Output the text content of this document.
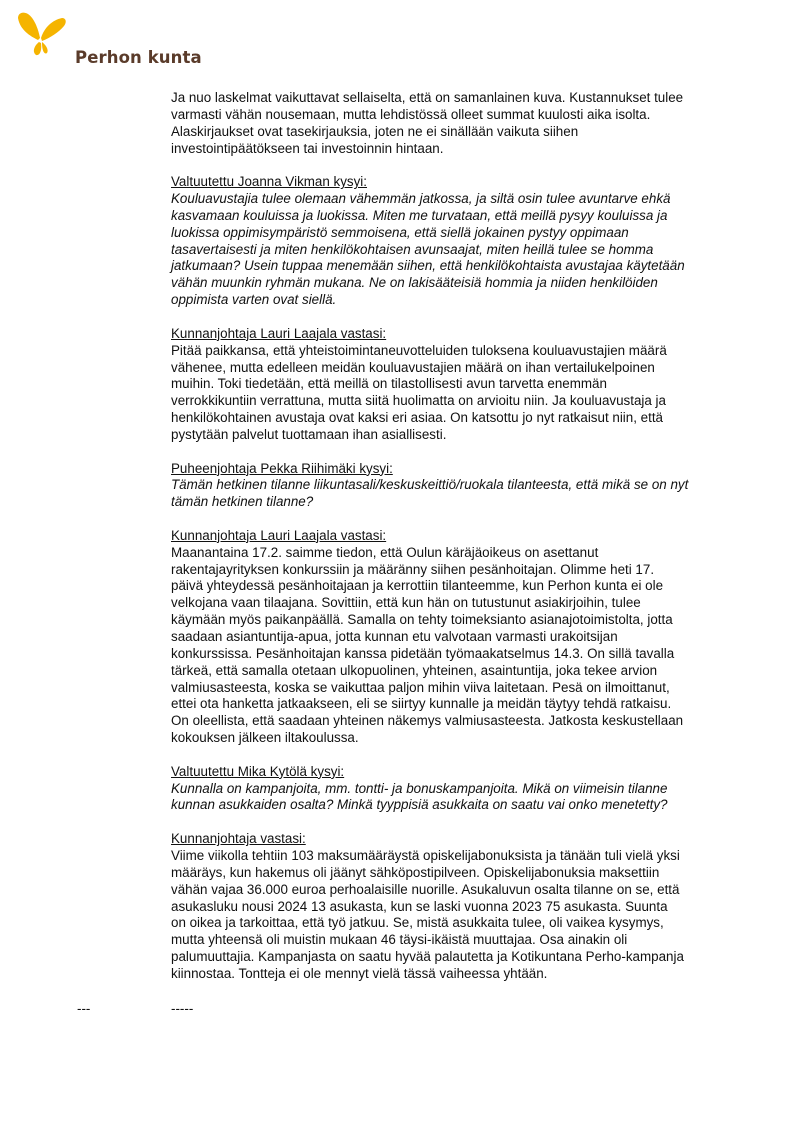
Perhon kunta

Ja nuo laskelmat vaikuttavat sellaiselta, että on samanlainen kuva. Kustannukset tulee
varmasti vähän nousemaan, mutta lehdistössä olleet summat kuulosti aika isolta.
Alaskirjaukset ovat tasekirjauksia, joten ne ei sinällään vaikuta siihen
investointipäätökseen tai investoinnin hintaan.

Valtuutettu Joanna Vikman kysyi:

Kouluavustajia tulee olemaan vähemmän jatkossa, ja siltä osin tulee avuntarve ehkä
kasvamaan kouluissa ja luokissa. Miten me turvataan, että meillä pysyy kouluissa ja
luokissa oppimisympäristö semmoisena, että siellä jokainen pystyy oppimaan
tasavertaisesti ja miten henkilökohtaisen avunsaajat, miten heillä tulee se homma
jatkumaan? Usein tuppaa menemään siihen, että henkilökohtaista avustajaa käytetään
vähän muunkin ryhmän mukana. Ne on lakisääteisiä hommia ja niiden henkilöiden
oppimista varten ovat siellä.

Kunnanjohtaja Lauri Laajala vastasi:

Pitää paikkansa, että yhteistoimintaneuvotteluiden tuloksena kouluavustajien määrä
vähenee, mutta edelleen meidän kouluavustajien määrä on ihan vertailukelpoinen
muihin. Toki tiedetään, että meillä on tilastollisesti avun tarvetta enemmän
verrokkikuntiin verrattuna, mutta siitä huolimatta on arvioitu niin. Ja kouluavustaja ja
henkilökohtainen avustaja ovat kaksi eri asiaa. On katsottu jo nyt ratkaisut niin, että
pystytään palvelut tuottamaan ihan asiallisesti.

Puheenjohtaja Pekka Riihimäki kysyi:

Tämän hetkinen tilanne liikuntasali/keskuskeittiö/ruokala tilanteesta, että mikä se on nyt
tämän hetkinen tilanne?

Kunnanjohtaja Lauri Laajala vastasi:

Maanantaina 17.2. saimme tiedon, että Oulun käräjäoikeus on asettanut
rakentajayrityksen konkurssiin ja määränny siihen pesänhoitajan. Olimme heti 17.
päivä yhteydessä pesänhoitajaan ja kerrottiin tilanteemme, kun Perhon kunta ei ole
velkojana vaan tilaajana. Sovittiin, että kun hän on tutustunut asiakirjoihin, tulee
käymään myös paikanpäällä. Samalla on tehty toimeksianto asianajotoimistolta, jotta
saadaan asiantuntija-apua, jotta kunnan etu valvotaan varmasti urakoitsijan
konkurssissa. Pesänhoitajan kanssa pidetään työmaakatselmus 14.3. On sillä tavalla
tärkeä, että samalla otetaan ulkopuolinen, yhteinen, asaintuntija, joka tekee arvion
valmiusasteesta, koska se vaikuttaa paljon mihin viiva laitetaan. Pesä on ilmoittanut,
ettei ota hanketta jatkaakseen, eli se siirtyy kunnalle ja meidän täytyy tehdä ratkaisu.
On oleellista, että saadaan yhteinen näkemys valmiusasteesta. Jatkosta keskustellaan
kokouksen jälkeen iltakoulussa.

Valtuutettu Mika Kytölä kysyi:

Kunnalla on kampanjoita, mm. tontti- ja bonuskampanjoita. Mikä on viimeisin tilanne
kunnan asukkaiden osalta? Minkä tyyppisiä asukkaita on saatu vai onko menetetty?

Kunnanjohtaja vastasi:

Viime viikolla tehtiin 103 maksumääräystä opiskelijabonuksista ja tänään tuli vielä yksi
määräys, kun hakemus oli jäänyt sähköpostipilveen. Opiskelijabonuksia maksettiin
vähän vajaa 36.000 euroa perhoalaisille nuorille. Asukaluvun osalta tilanne on se, että
asukasluku nousi 2024 13 asukasta, kun se laski vuonna 2023 75 asukasta. Suunta
on oikea ja tarkoittaa, että työ jatkuu. Se, mistä asukkaita tulee, oli vaikea kysymys,
mutta yhteensä oli muistin mukaan 46 täysi-ikäistä muuttajaa. Osa ainakin oli
palumuuttajia. Kampanjasta on saatu hyvää palautetta ja Kotikuntana Perho-kampanja
kiinnostaa. Tontteja ei ole mennyt vielä tässä vaiheessa yhtään.

---	-----
